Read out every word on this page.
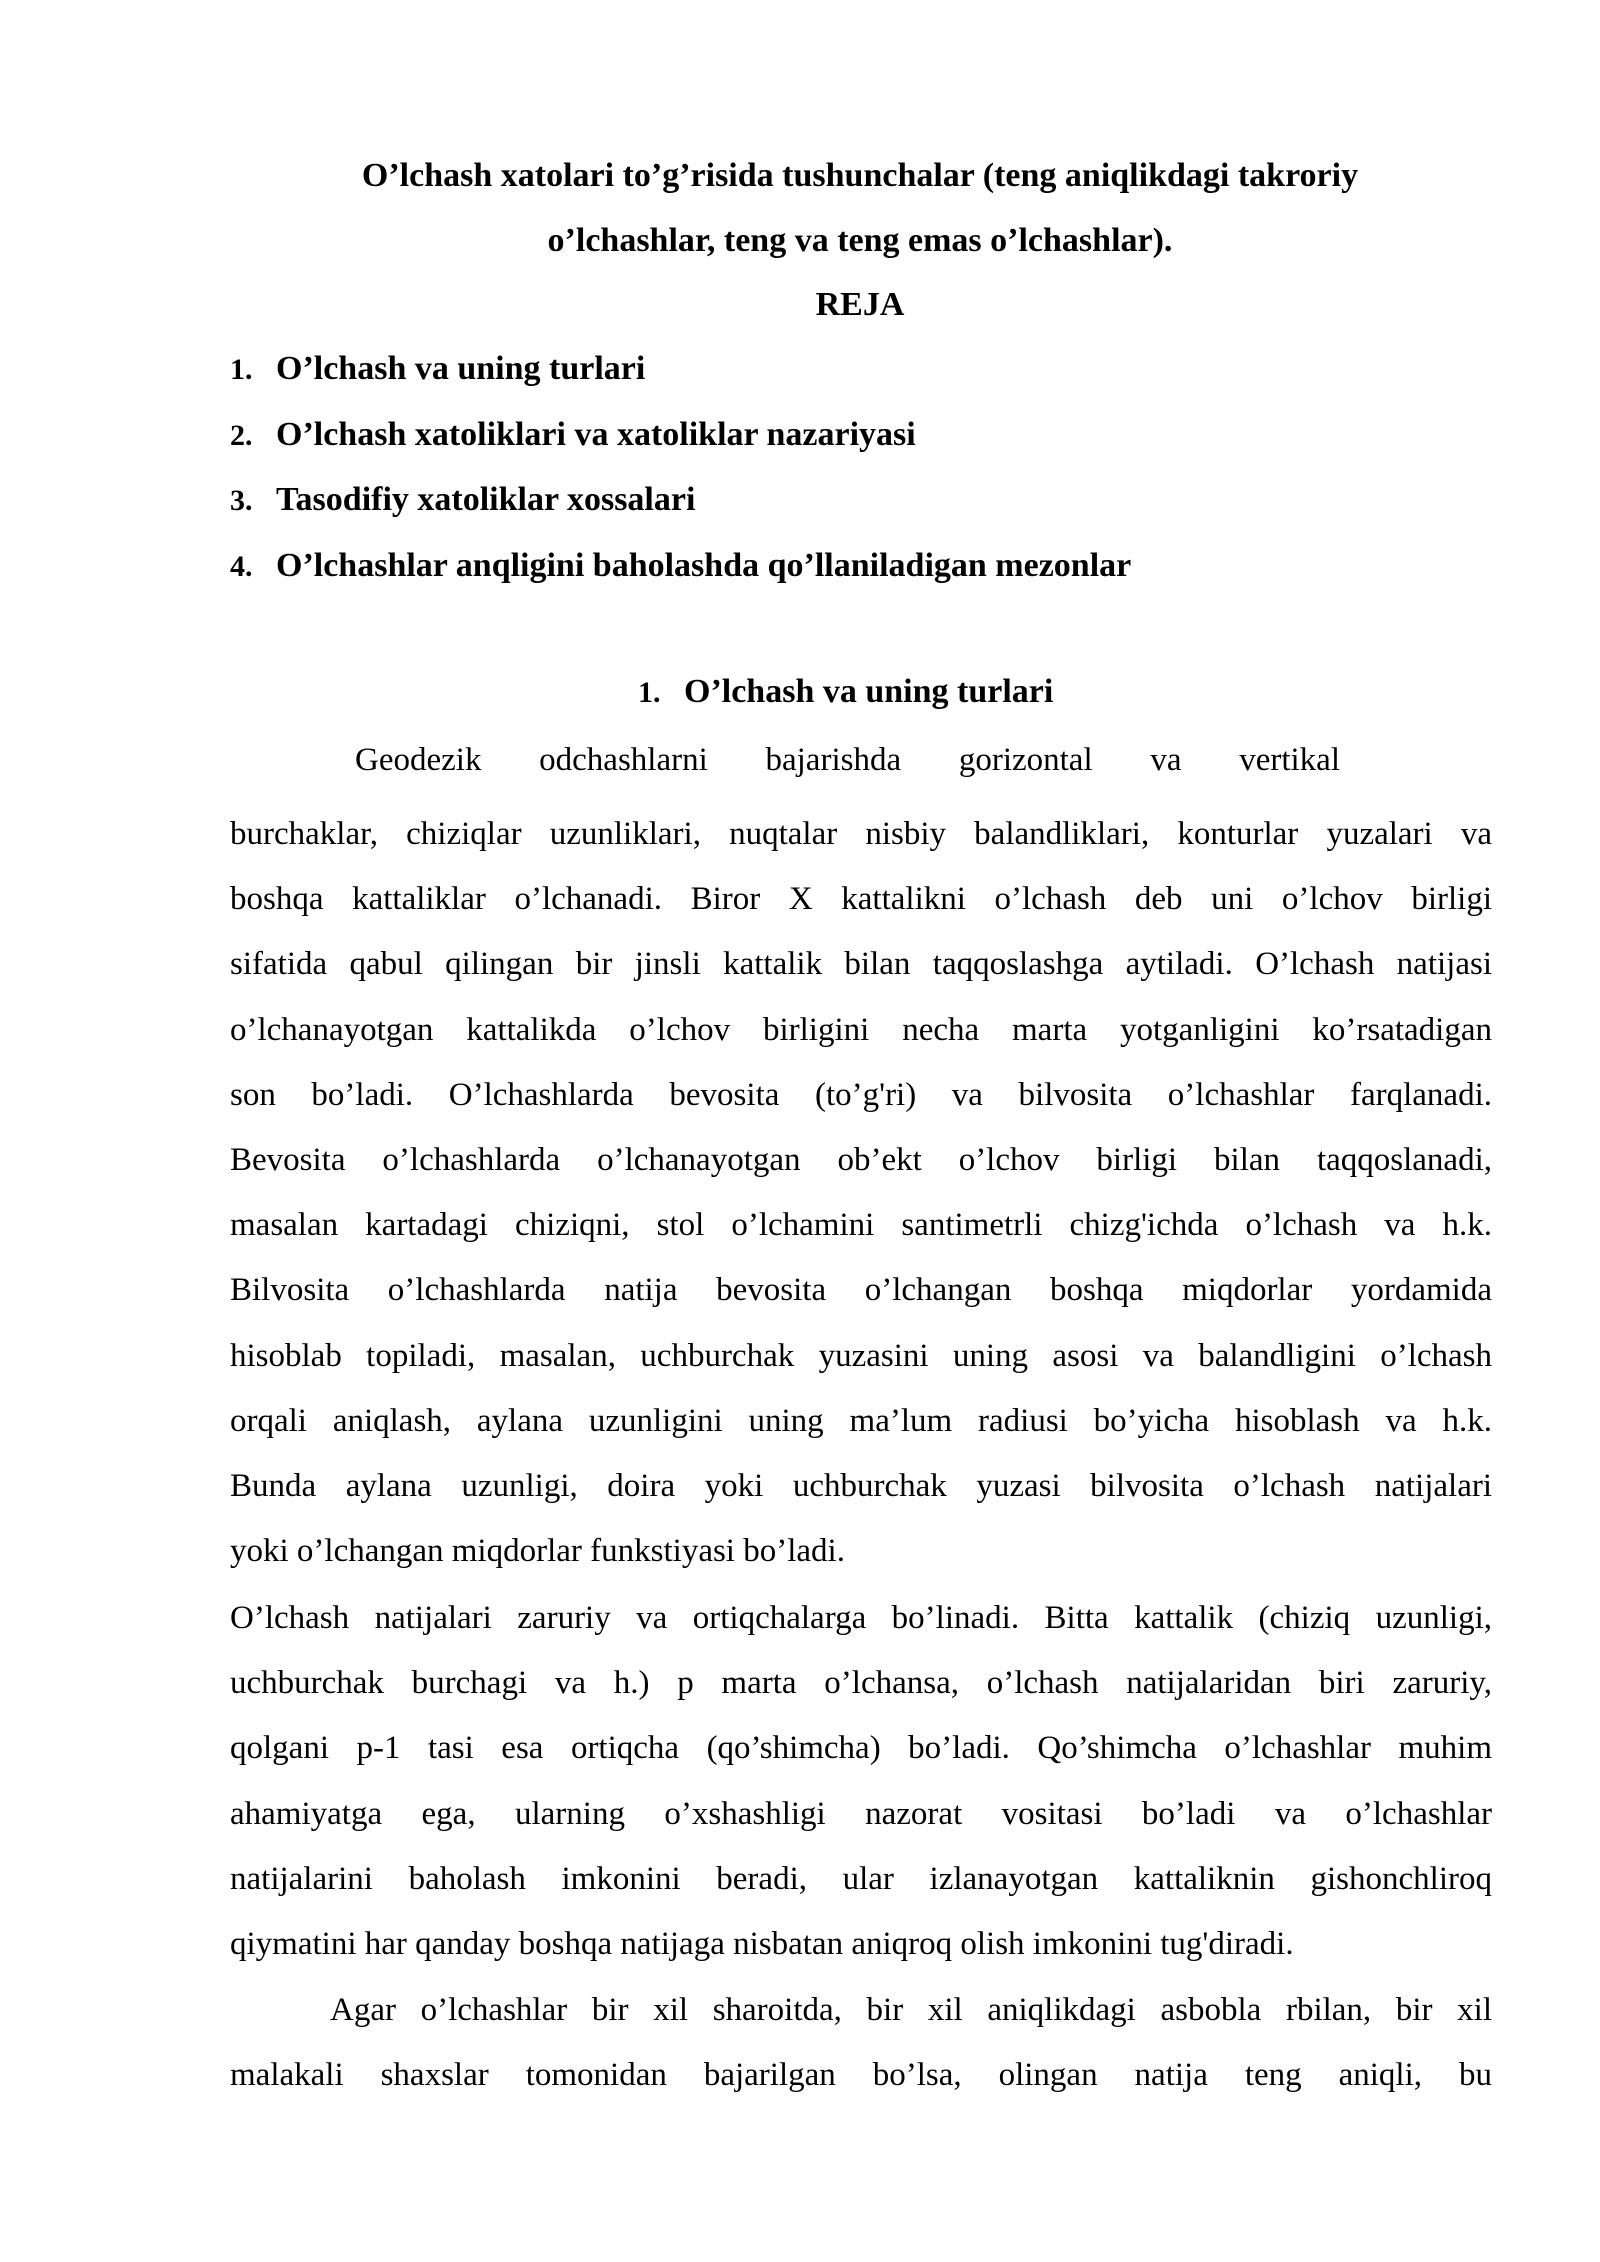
O’lchash xatolari to’g’risida tushunchalar (teng aniqlikdagi takroriy
o’lchashlar, teng va teng emas o’lchashlar).
REJA
1. O’lchash va uning turlari
2. O’lchash xatoliklari va xatoliklar nazariyasi
3. Tasodifiy xatoliklar xossalari
4. O’lchashlar anqligini baholashda qo’llaniladigan mezonlar
1. O’lchash va uning turlari
Geodezik odchashlarni bajarishda gorizontal va vertikal
burchaklar, chiziqlar uzunliklari, nuqtalar nisbiy balandliklari, konturlar yuzalari va
boshqa kattaliklar o’lchanadi. Biror X kattalikni o’lchash deb uni o’lchov birligi
sifatida qabul qilingan bir jinsli kattalik bilan taqqoslashga aytiladi. O’lchash natijasi
o’lchanayotgan kattalikda o’lchov birligini necha marta yotganligini ko’rsatadigan
son bo’ladi. O’lchashlarda bevosita (to’g'ri) va bilvosita o’lchashlar farqlanadi.
Bevosita o’lchashlarda o’lchanayotgan ob’ekt o’lchov birligi bilan taqqoslanadi,
masalan kartadagi chiziqni, stol o’lchamini santimetrli chizg'ichda o’lchash va h.k.
Bilvosita o’lchashlarda natija bevosita o’lchangan boshqa miqdorlar yordamida
hisoblab topiladi, masalan, uchburchak yuzasini uning asosi va balandligini o’lchash
orqali aniqlash, aylana uzunligini uning ma’lum radiusi bo’yicha hisoblash va h.k.
Bunda aylana uzunligi, doira yoki uchburchak yuzasi bilvosita o’lchash natijalari
yoki o’lchangan miqdorlar funkstiyasi bo’ladi.
O’lchash natijalari zaruriy va ortiqchalarga bo’linadi. Bitta kattalik (chiziq uzunligi,
uchburchak burchagi va h.) p marta o’lchansa, o’lchash natijalaridan biri zaruriy,
qolgani p-1 tasi esa ortiqcha (qo’shimcha) bo’ladi. Qo’shimcha o’lchashlar muhim
ahamiyatga ega, ularning o’xshashligi nazorat vositasi bo’ladi va o’lchashlar
natijalarini baholash imkonini beradi, ular izlanayotgan kattaliknin gishonchliroq
qiymatini har qanday boshqa natijaga nisbatan aniqroq olish imkonini tug'diradi.
Agar o’lchashlar bir xil sharoitda, bir xil aniqlikdagi asbobla rbilan, bir xil
malakali shaxslar tomonidan bajarilgan bo’lsa, olingan natija teng aniqli, bu
